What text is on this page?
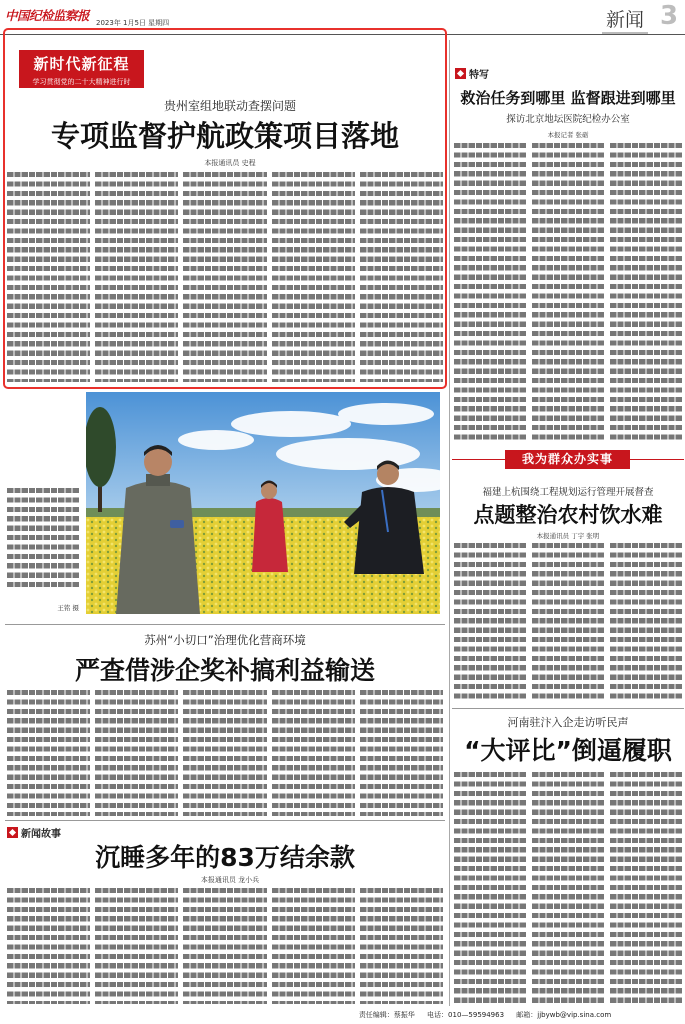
中国纪检监察报 2023年 1月5日 星期四	新闻 3
新时代新征程
学习贯彻党的二十大精神进行时
贵州室组地联动查摆问题
专项监督护航政策项目落地
本报通讯员 史程
王铭 摄
苏州“小切口”治理优化营商环境
严查借涉企奖补搞利益输送
新闻故事
沉睡多年的83万结余款
本报通讯员 龙小兵
特写
救治任务到哪里 监督跟进到哪里
探访北京地坛医院纪检办公室
本报记者 张砺
我为群众办实事
福建上杭围绕工程规划运行管理开展督查
点题整治农村饮水难
本报通讯员 丁宇 张明
河南驻汴入企走访听民声
“大评比”倒逼履职
责任编辑：蔡振华 电话：010—59594963 邮箱：jjbywb@vip.sina.com
